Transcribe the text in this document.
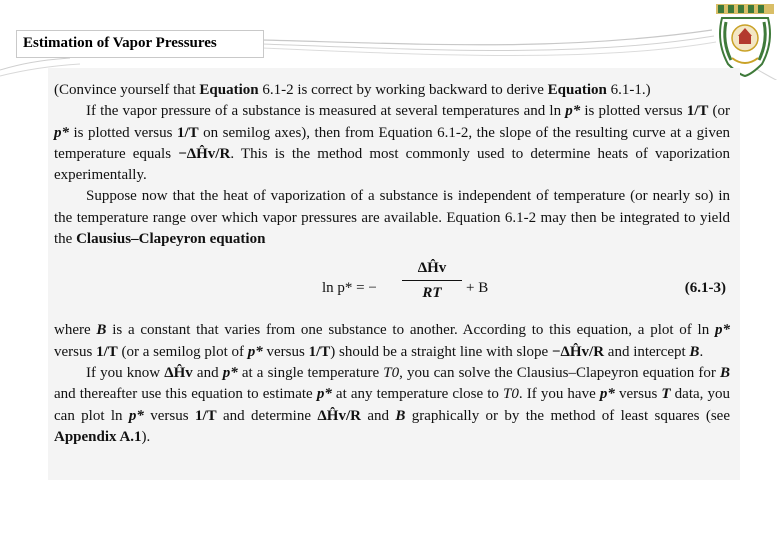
Estimation of Vapor Pressures

(Convince yourself that Equation 6.1-2 is correct by working backward to derive Equation 6.1-1.)

If the vapor pressure of a substance is measured at several temperatures and ln p* is plotted versus 1/T (or p* is plotted versus 1/T on semilog axes), then from Equation 6.1-2, the slope of the resulting curve at a given temperature equals −ΔĤv/R. This is the method most commonly used to determine heats of vaporization experimentally.

Suppose now that the heat of vaporization of a substance is independent of temperature (or nearly so) in the temperature range over which vapor pressures are available. Equation 6.1-2 may then be integrated to yield the Clausius–Clapeyron equation

ln p* = −
ΔĤv
RT	+ B	(6.1-3)

where B is a constant that varies from one substance to another. According to this equation, a plot of ln p* versus 1/T (or a semilog plot of p* versus 1/T) should be a straight line with slope −ΔĤv/R and intercept B.

If you know ΔĤv and p* at a single temperature T0, you can solve the Clausius–Clapeyron equation for B and thereafter use this equation to estimate p* at any temperature close to T0. If you have p* versus T data, you can plot ln p* versus 1/T and determine ΔĤv/R and B graphically or by the method of least squares (see Appendix A.1).
